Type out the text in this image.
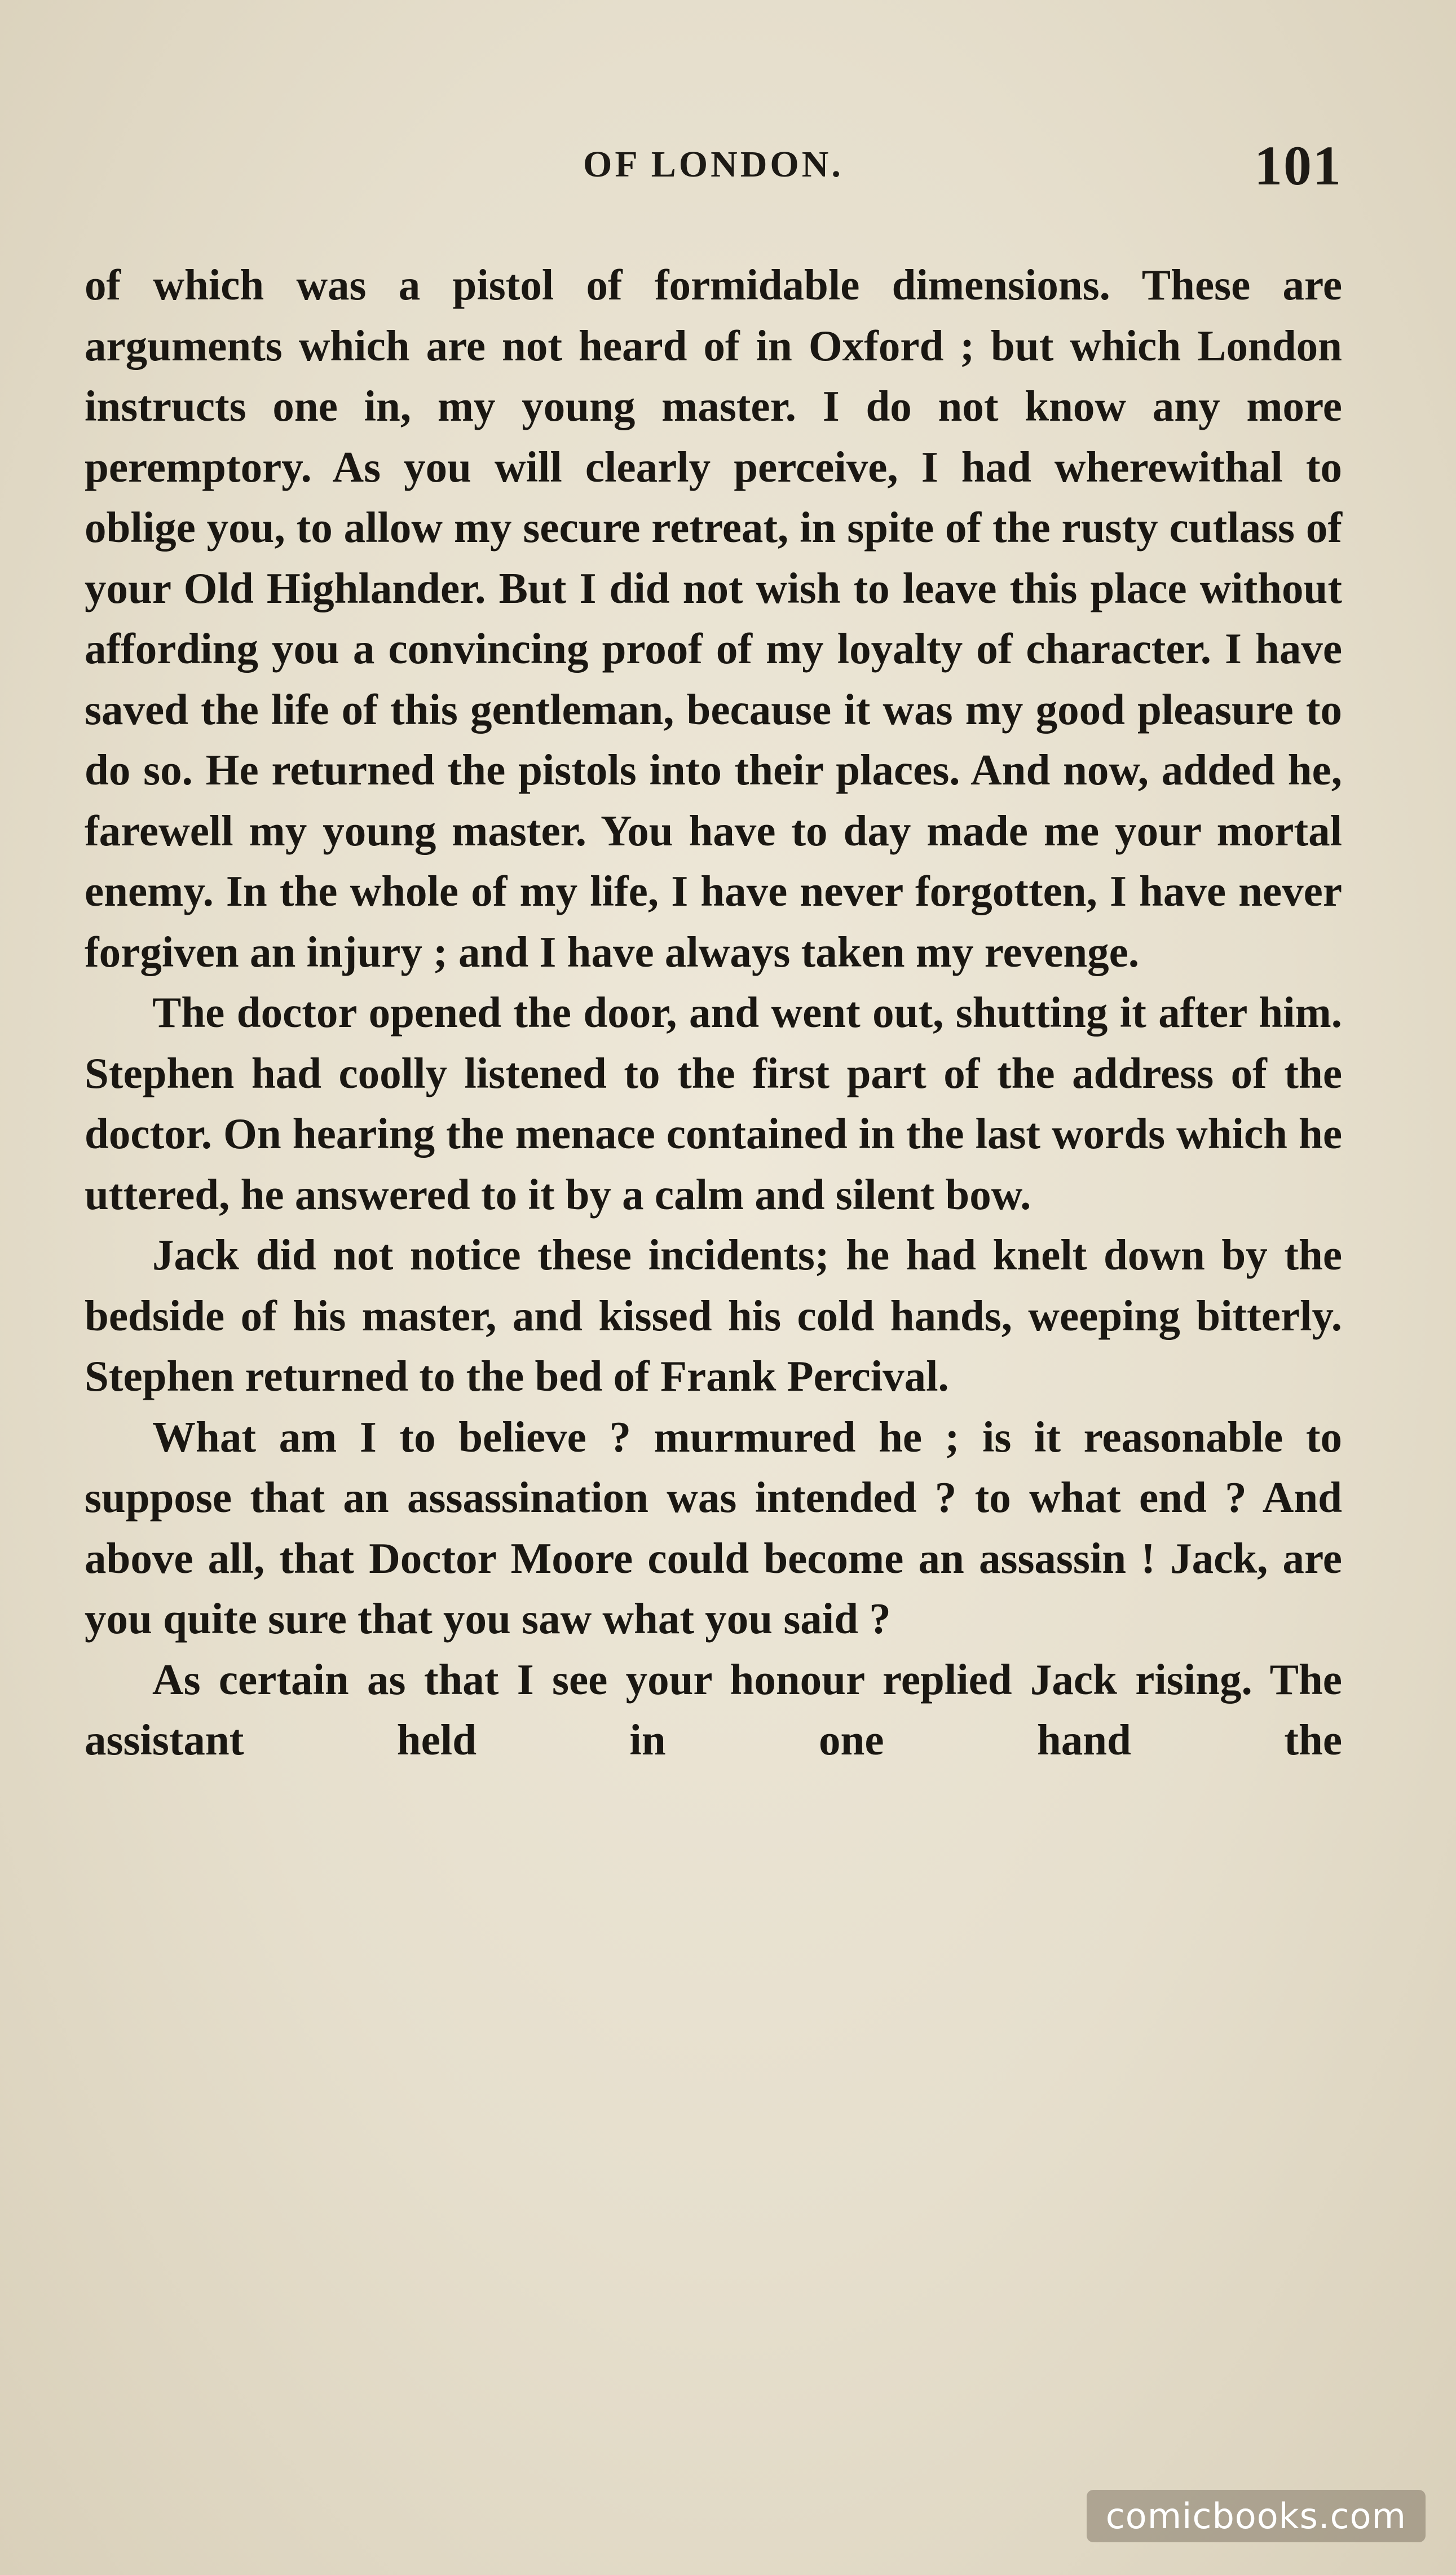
OF LONDON.	101

of which was a pistol of formidable dimensions. These are arguments which are not heard of in Oxford ; but which London instructs one in, my young master. I do not know any more peremptory. As you will clearly perceive, I had wherewithal to oblige you, to allow my secure retreat, in spite of the rusty cutlass of your Old Highlander. But I did not wish to leave this place without affording you a convincing proof of my loyalty of character. I have saved the life of this gentleman, because it was my good pleasure to do so. He returned the pistols into their places. And now, added he, farewell my young master. You have to day made me your mortal enemy. In the whole of my life, I have never forgotten, I have never forgiven an injury ; and I have always taken my revenge.

The doctor opened the door, and went out, shutting it after him. Stephen had coolly listened to the first part of the address of the doctor. On hearing the menace contained in the last words which he uttered, he answered to it by a calm and silent bow.

Jack did not notice these incidents; he had knelt down by the bedside of his master, and kissed his cold hands, weeping bitterly. Stephen returned to the bed of Frank Percival.

What am I to believe ? murmured he ; is it reasonable to suppose that an assassination was intended ? to what end ? And above all, that Doctor Moore could become an assassin ! Jack, are you quite sure that you saw what you said ?

As certain as that I see your honour replied Jack rising. The assistant held in one hand the

comicbooks.com
